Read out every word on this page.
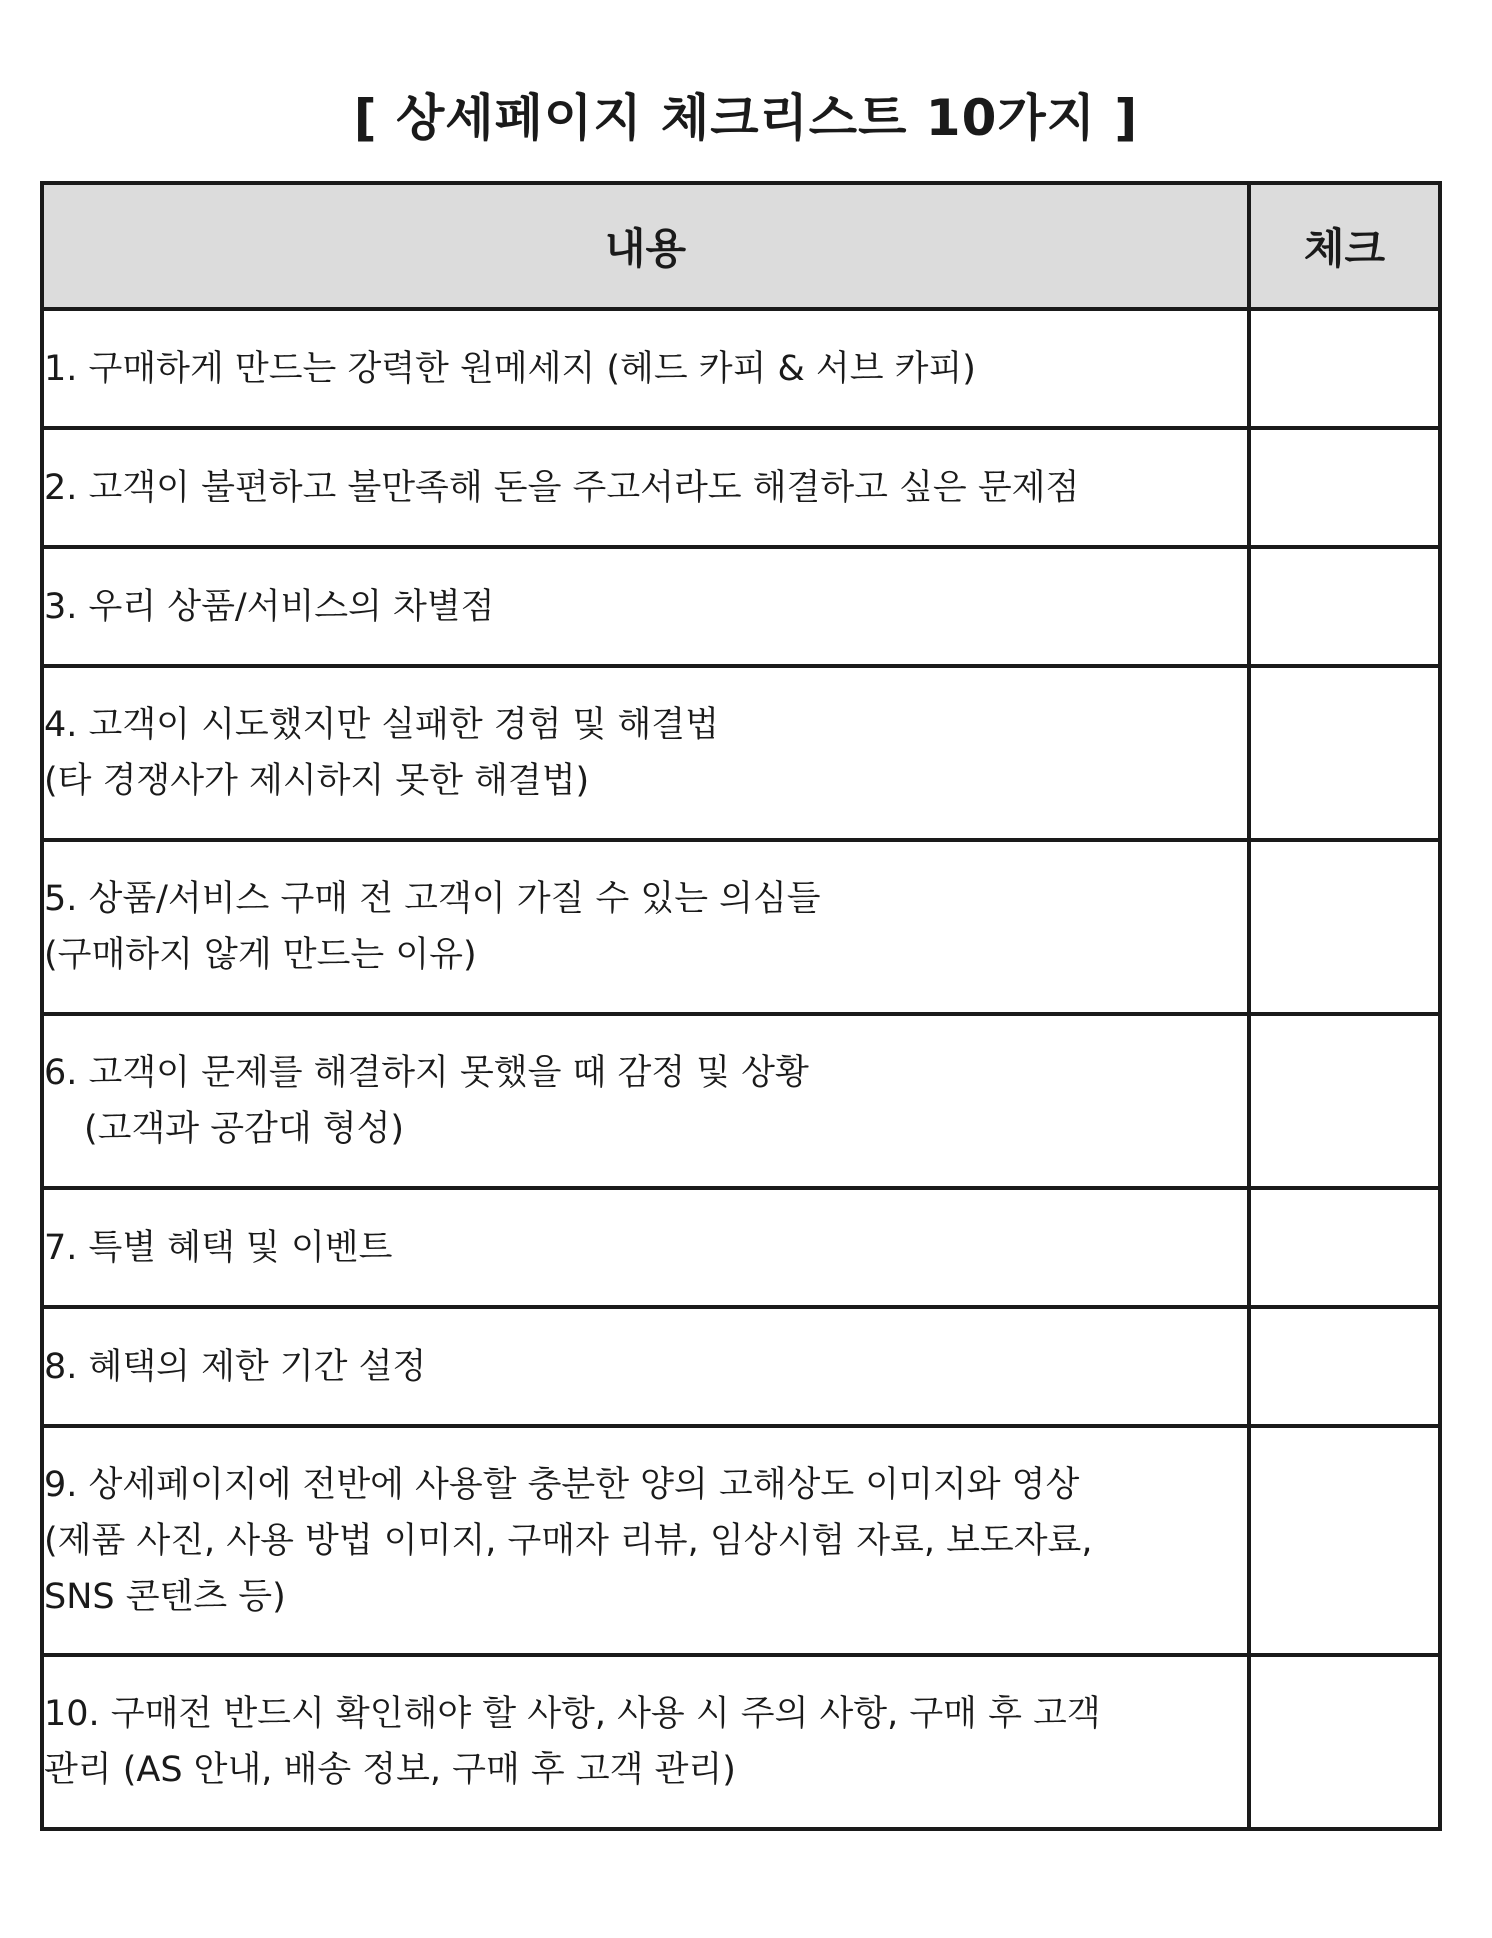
[ 상세페이지 체크리스트 10가지 ]
내용	체크

1. 구매하게 만드는 강력한 원메세지 (헤드 카피 & 서브 카피)	

2. 고객이 불편하고 불만족해 돈을 주고서라도 해결하고 싶은 문제점	

3. 우리 상품/서비스의 차별점	

4. 고객이 시도했지만 실패한 경험 및 해결법
(타 경쟁사가 제시하지 못한 해결법)	

5. 상품/서비스 구매 전 고객이 가질 수 있는 의심들
(구매하지 않게 만드는 이유)	

6. 고객이 문제를 해결하지 못했을 때 감정 및 상황
(고객과 공감대 형성)	

7. 특별 혜택 및 이벤트	

8. 혜택의 제한 기간 설정	

9. 상세페이지에 전반에 사용할 충분한 양의 고해상도 이미지와 영상
(제품 사진, 사용 방법 이미지, 구매자 리뷰, 임상시험 자료, 보도자료,
SNS 콘텐츠 등)	

10. 구매전 반드시 확인해야 할 사항, 사용 시 주의 사항, 구매 후 고객
관리 (AS 안내, 배송 정보, 구매 후 고객 관리)	
